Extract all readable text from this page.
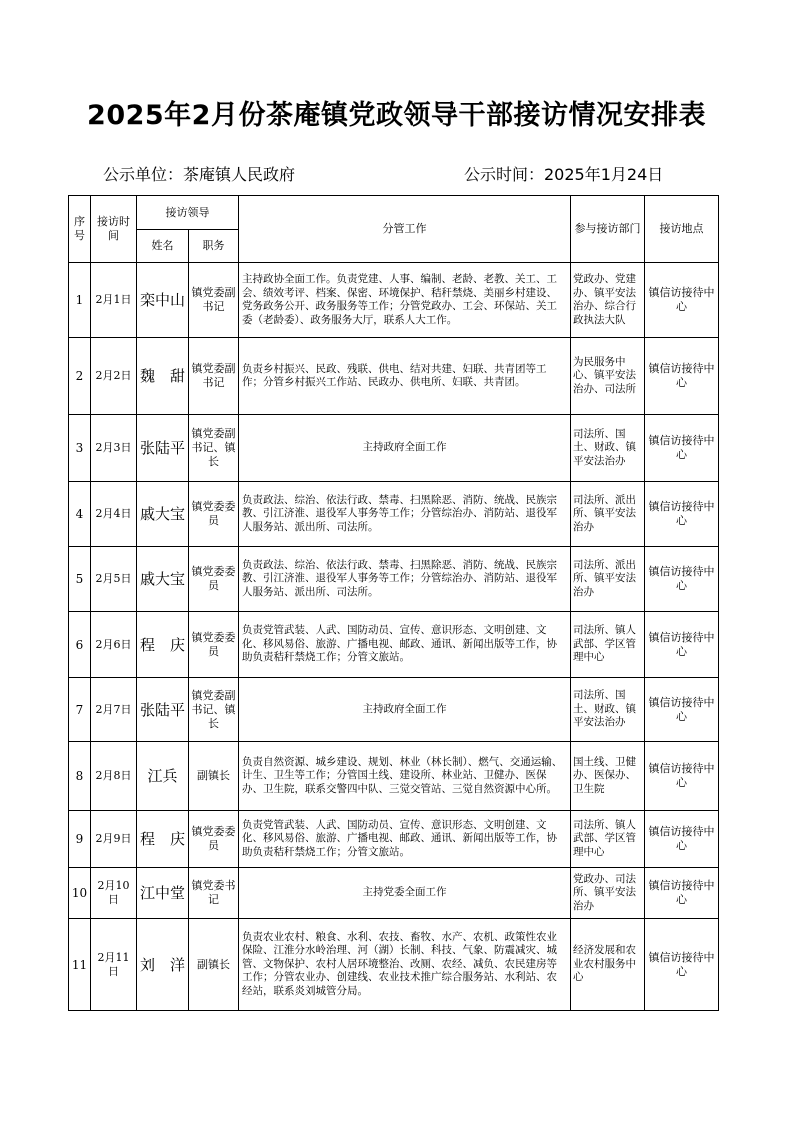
2025年2月份茶庵镇党政领导干部接访情况安排表
公示单位：茶庵镇人民政府	公示时间：2025年1月24日
序号	接访时间	接访领导		分管工作	参与接访部门	接访地点
		姓名	职务			
1	2月1日	栾中山	镇党委副书记	主持政协全面工作。负责党建、人事、编制、老龄、老教、关工、工会、绩效考评、档案、保密、环境保护、秸秆禁烧、美丽乡村建设、党务政务公开、政务服务等工作；分管党政办、工会、环保站、关工委（老龄委）、政务服务大厅，联系人大工作。	党政办、党建办、镇平安法治办、综合行政执法大队	镇信访接待中心
2	2月2日	魏　甜	镇党委副书记	负责乡村振兴、民政、残联、供电、结对共建、妇联、共青团等工作；分管乡村振兴工作站、民政办、供电所、妇联、共青团。	为民服务中心、镇平安法治办、司法所	镇信访接待中心
3	2月3日	张陆平	镇党委副书记、镇长	主持政府全面工作	司法所、国土、财政、镇平安法治办	镇信访接待中心
4	2月4日	戚大宝	镇党委委员	负责政法、综治、依法行政、禁毒、扫黑除恶、消防、统战、民族宗教、引江济淮、退役军人事务等工作；分管综治办、消防站、退役军人服务站、派出所、司法所。	司法所、派出所、镇平安法治办	镇信访接待中心
5	2月5日	戚大宝	镇党委委员	负责政法、综治、依法行政、禁毒、扫黑除恶、消防、统战、民族宗教、引江济淮、退役军人事务等工作；分管综治办、消防站、退役军人服务站、派出所、司法所。	司法所、派出所、镇平安法治办	镇信访接待中心
6	2月6日	程　庆	镇党委委员	负责党管武装、人武、国防动员、宣传、意识形态、文明创建、文化、移风易俗、旅游、广播电视、邮政、通讯、新闻出版等工作，协助负责秸秆禁烧工作；分管文旅站。	司法所、镇人武部、学区管理中心	镇信访接待中心
7	2月7日	张陆平	镇党委副书记、镇长	主持政府全面工作	司法所、国土、财政、镇平安法治办	镇信访接待中心
8	2月8日	江兵	副镇长	负责自然资源、城乡建设、规划、林业（林长制）、燃气、交通运输、计生、卫生等工作；分管国土线、建设所、林业站、卫健办、医保办、卫生院，联系交警四中队、三觉交管站、三觉自然资源中心所。	国土线、卫健办、医保办、卫生院	镇信访接待中心
9	2月9日	程　庆	镇党委委员	负责党管武装、人武、国防动员、宣传、意识形态、文明创建、文化、移风易俗、旅游、广播电视、邮政、通讯、新闻出版等工作，协助负责秸秆禁烧工作；分管文旅站。	司法所、镇人武部、学区管理中心	镇信访接待中心
10	2月10日	江中堂	镇党委书记	主持党委全面工作	党政办、司法所、镇平安法治办	镇信访接待中心
11	2月11日	刘　洋	副镇长	负责农业农村、粮食、水利、农技、畜牧、水产、农机、政策性农业保险、江淮分水岭治理、河（湖）长制、科技、气象、防震减灾、城管、文物保护、农村人居环境整治、改厕、农经、减负、农民建房等工作；分管农业办、创建线、农业技术推广综合服务站、水利站、农经站，联系炎刘城管分局。	经济发展和农业农村服务中心	镇信访接待中心
